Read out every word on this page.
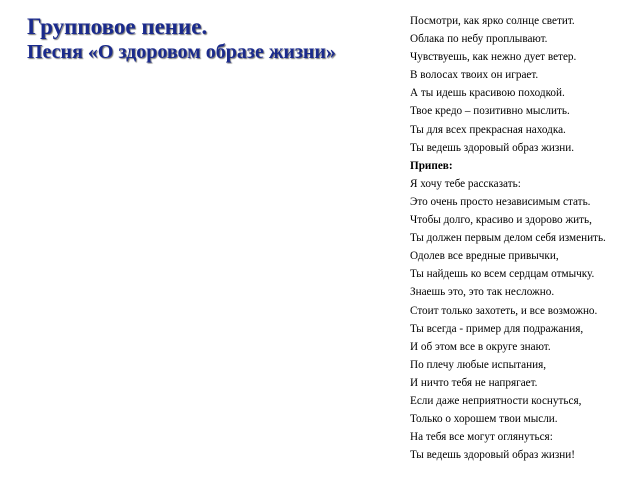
Групповое пение.
Песня «О здоровом образе жизни»
Посмотри, как ярко солнце светит.
Облака по небу проплывают.
Чувствуешь, как нежно дует ветер.
В волосах твоих он играет.
А ты идешь красивою походкой.
Твое кредо – позитивно мыслить.
Ты для всех прекрасная находка.
Ты ведешь здоровый образ жизни.
Припев:
Я хочу тебе рассказать:
Это очень просто независимым стать.
Чтобы долго, красиво и здорово жить,
Ты должен первым делом себя изменить.
Одолев все вредные привычки,
Ты найдешь ко всем сердцам отмычку.
Знаешь это, это так несложно.
Стоит только захотеть, и все возможно.
Ты всегда - пример для подражания,
И об этом все в округе знают.
По плечу любые испытания,
И ничто тебя не напрягает.
Если даже неприятности коснуться,
Только о хорошем твои мысли.
На тебя все могут оглянуться:
Ты ведешь здоровый образ жизни!
